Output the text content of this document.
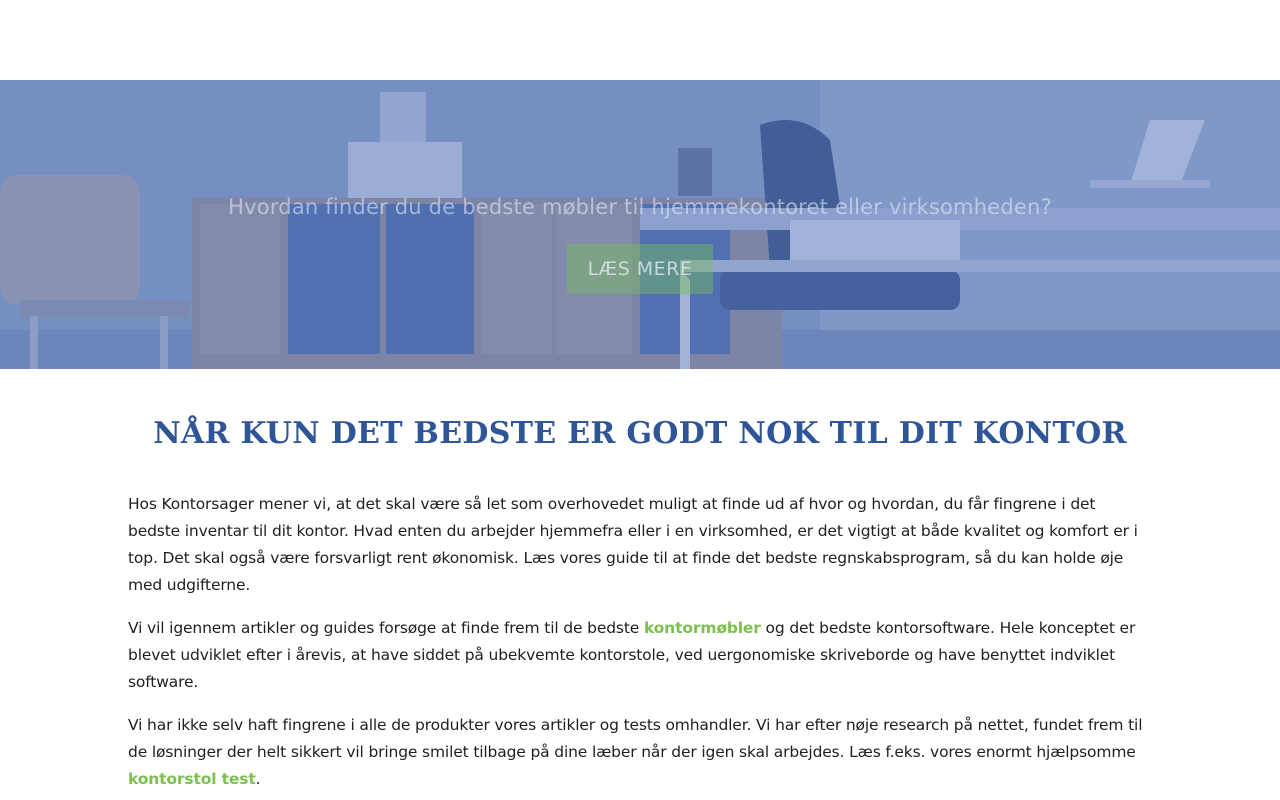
Hvordan finder du de bedste møbler til hjemmekontoret eller virksomheden?
LÆS MERE
NÅR KUN DET BEDSTE ER GODT NOK TIL DIT KONTOR

Hos Kontorsager mener vi, at det skal være så let som overhovedet muligt at finde ud af hvor og hvordan, du får fingrene i det bedste inventar til dit kontor. Hvad enten du arbejder hjemmefra eller i en virksomhed, er det vigtigt at både kvalitet og komfort er i top. Det skal også være forsvarligt rent økonomisk. Læs vores guide til at finde det bedste regnskabsprogram, så du kan holde øje med udgifterne.

Vi vil igennem artikler og guides forsøge at finde frem til de bedste kontormøbler og det bedste kontorsoftware. Hele konceptet er blevet udviklet efter i årevis, at have siddet på ubekvemte kontorstole, ved uergonomiske skriveborde og have benyttet indviklet software.

Vi har ikke selv haft fingrene i alle de produkter vores artikler og tests omhandler. Vi har efter nøje research på nettet, fundet frem til de løsninger der helt sikkert vil bringe smilet tilbage på dine læber når der igen skal arbejdes. Læs f.eks. vores enormt hjælpsomme kontorstol test.
